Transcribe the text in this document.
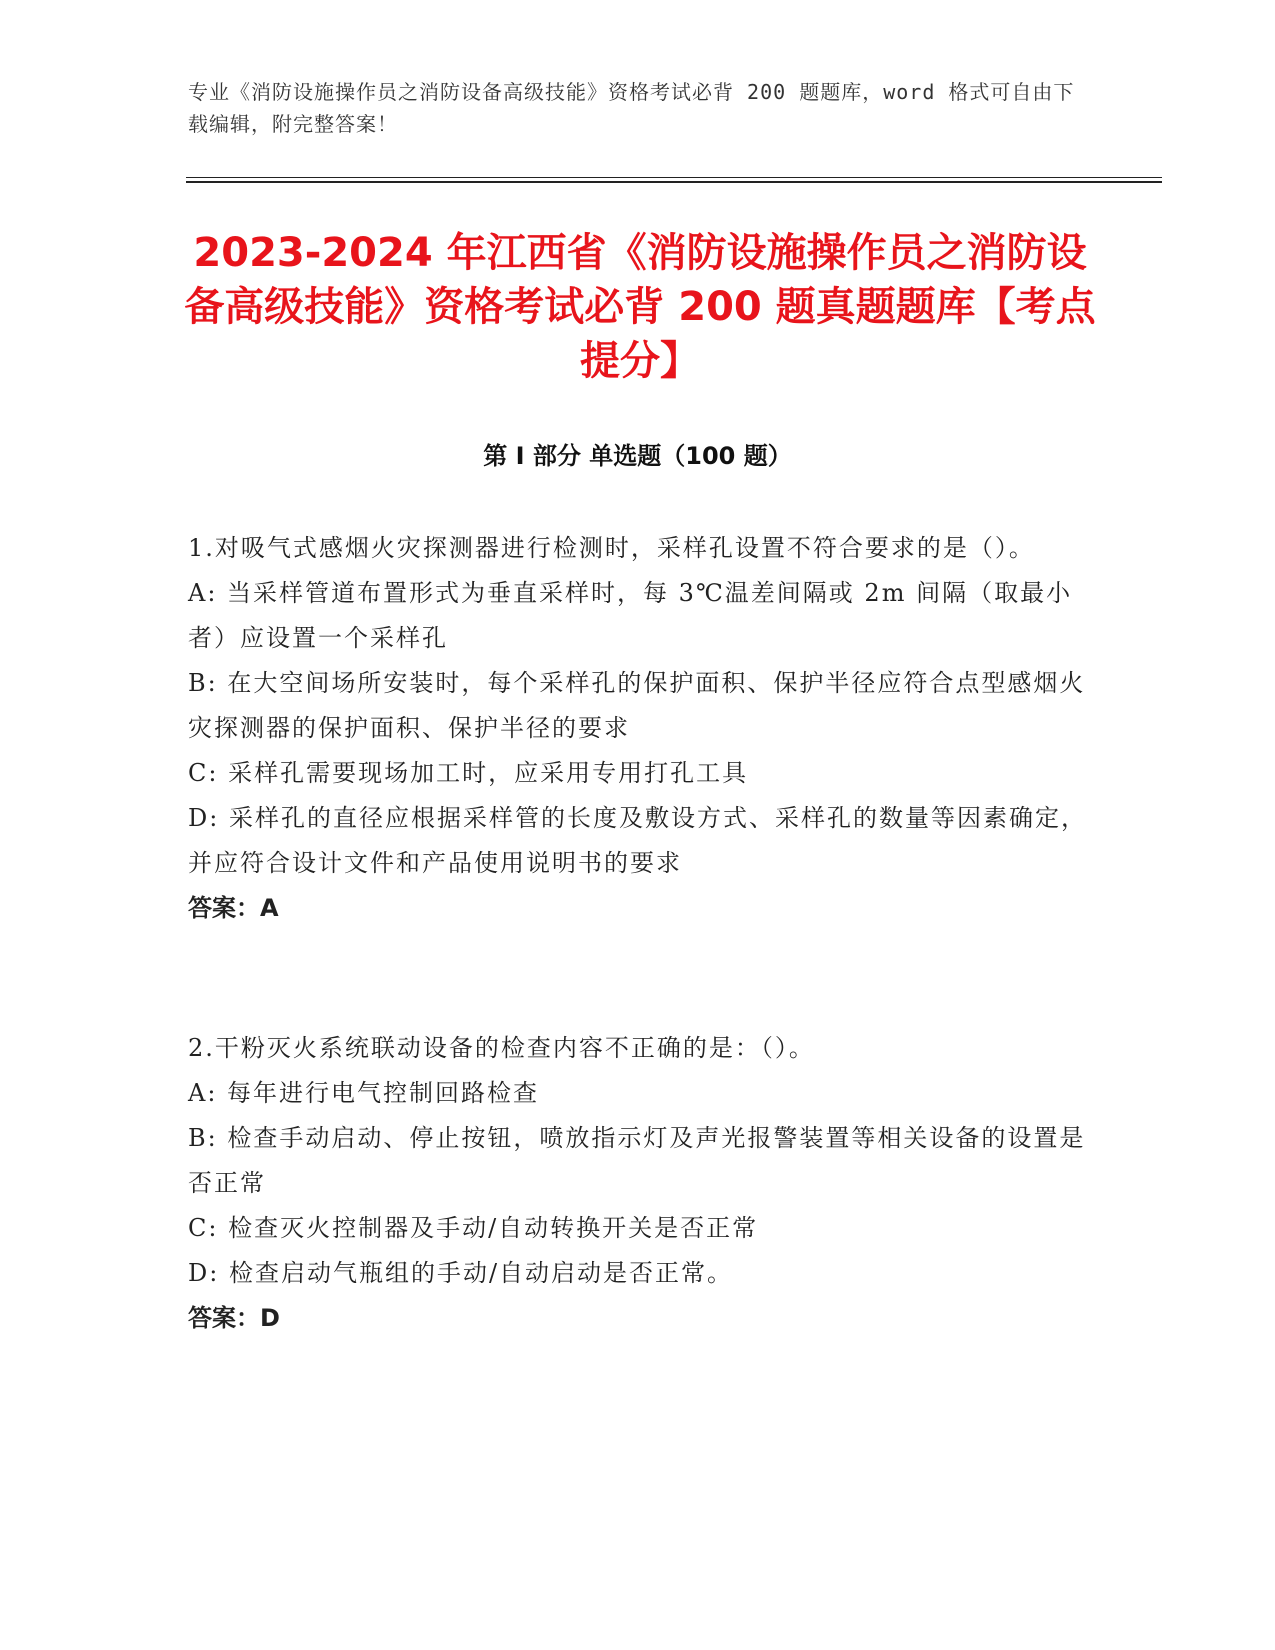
专业《消防设施操作员之消防设备高级技能》资格考试必背 200 题题库，word 格式可自由下载编辑，附完整答案！
2023-2024 年江西省《消防设施操作员之消防设备高级技能》资格考试必背 200 题真题题库【考点提分】
第 I 部分 单选题（100 题）
1.对吸气式感烟火灾探测器进行检测时，采样孔设置不符合要求的是（）。
A: 当采样管道布置形式为垂直采样时，每 3℃温差间隔或 2m 间隔（取最小者）应设置一个采样孔
B: 在大空间场所安装时，每个采样孔的保护面积、保护半径应符合点型感烟火灾探测器的保护面积、保护半径的要求
C: 采样孔需要现场加工时，应采用专用打孔工具
D: 采样孔的直径应根据采样管的长度及敷设方式、采样孔的数量等因素确定，并应符合设计文件和产品使用说明书的要求
答案：A
2.干粉灭火系统联动设备的检查内容不正确的是：（）。
A: 每年进行电气控制回路检查
B: 检查手动启动、停止按钮，喷放指示灯及声光报警装置等相关设备的设置是否正常
C: 检查灭火控制器及手动/自动转换开关是否正常
D: 检查启动气瓶组的手动/自动启动是否正常。
答案：D
